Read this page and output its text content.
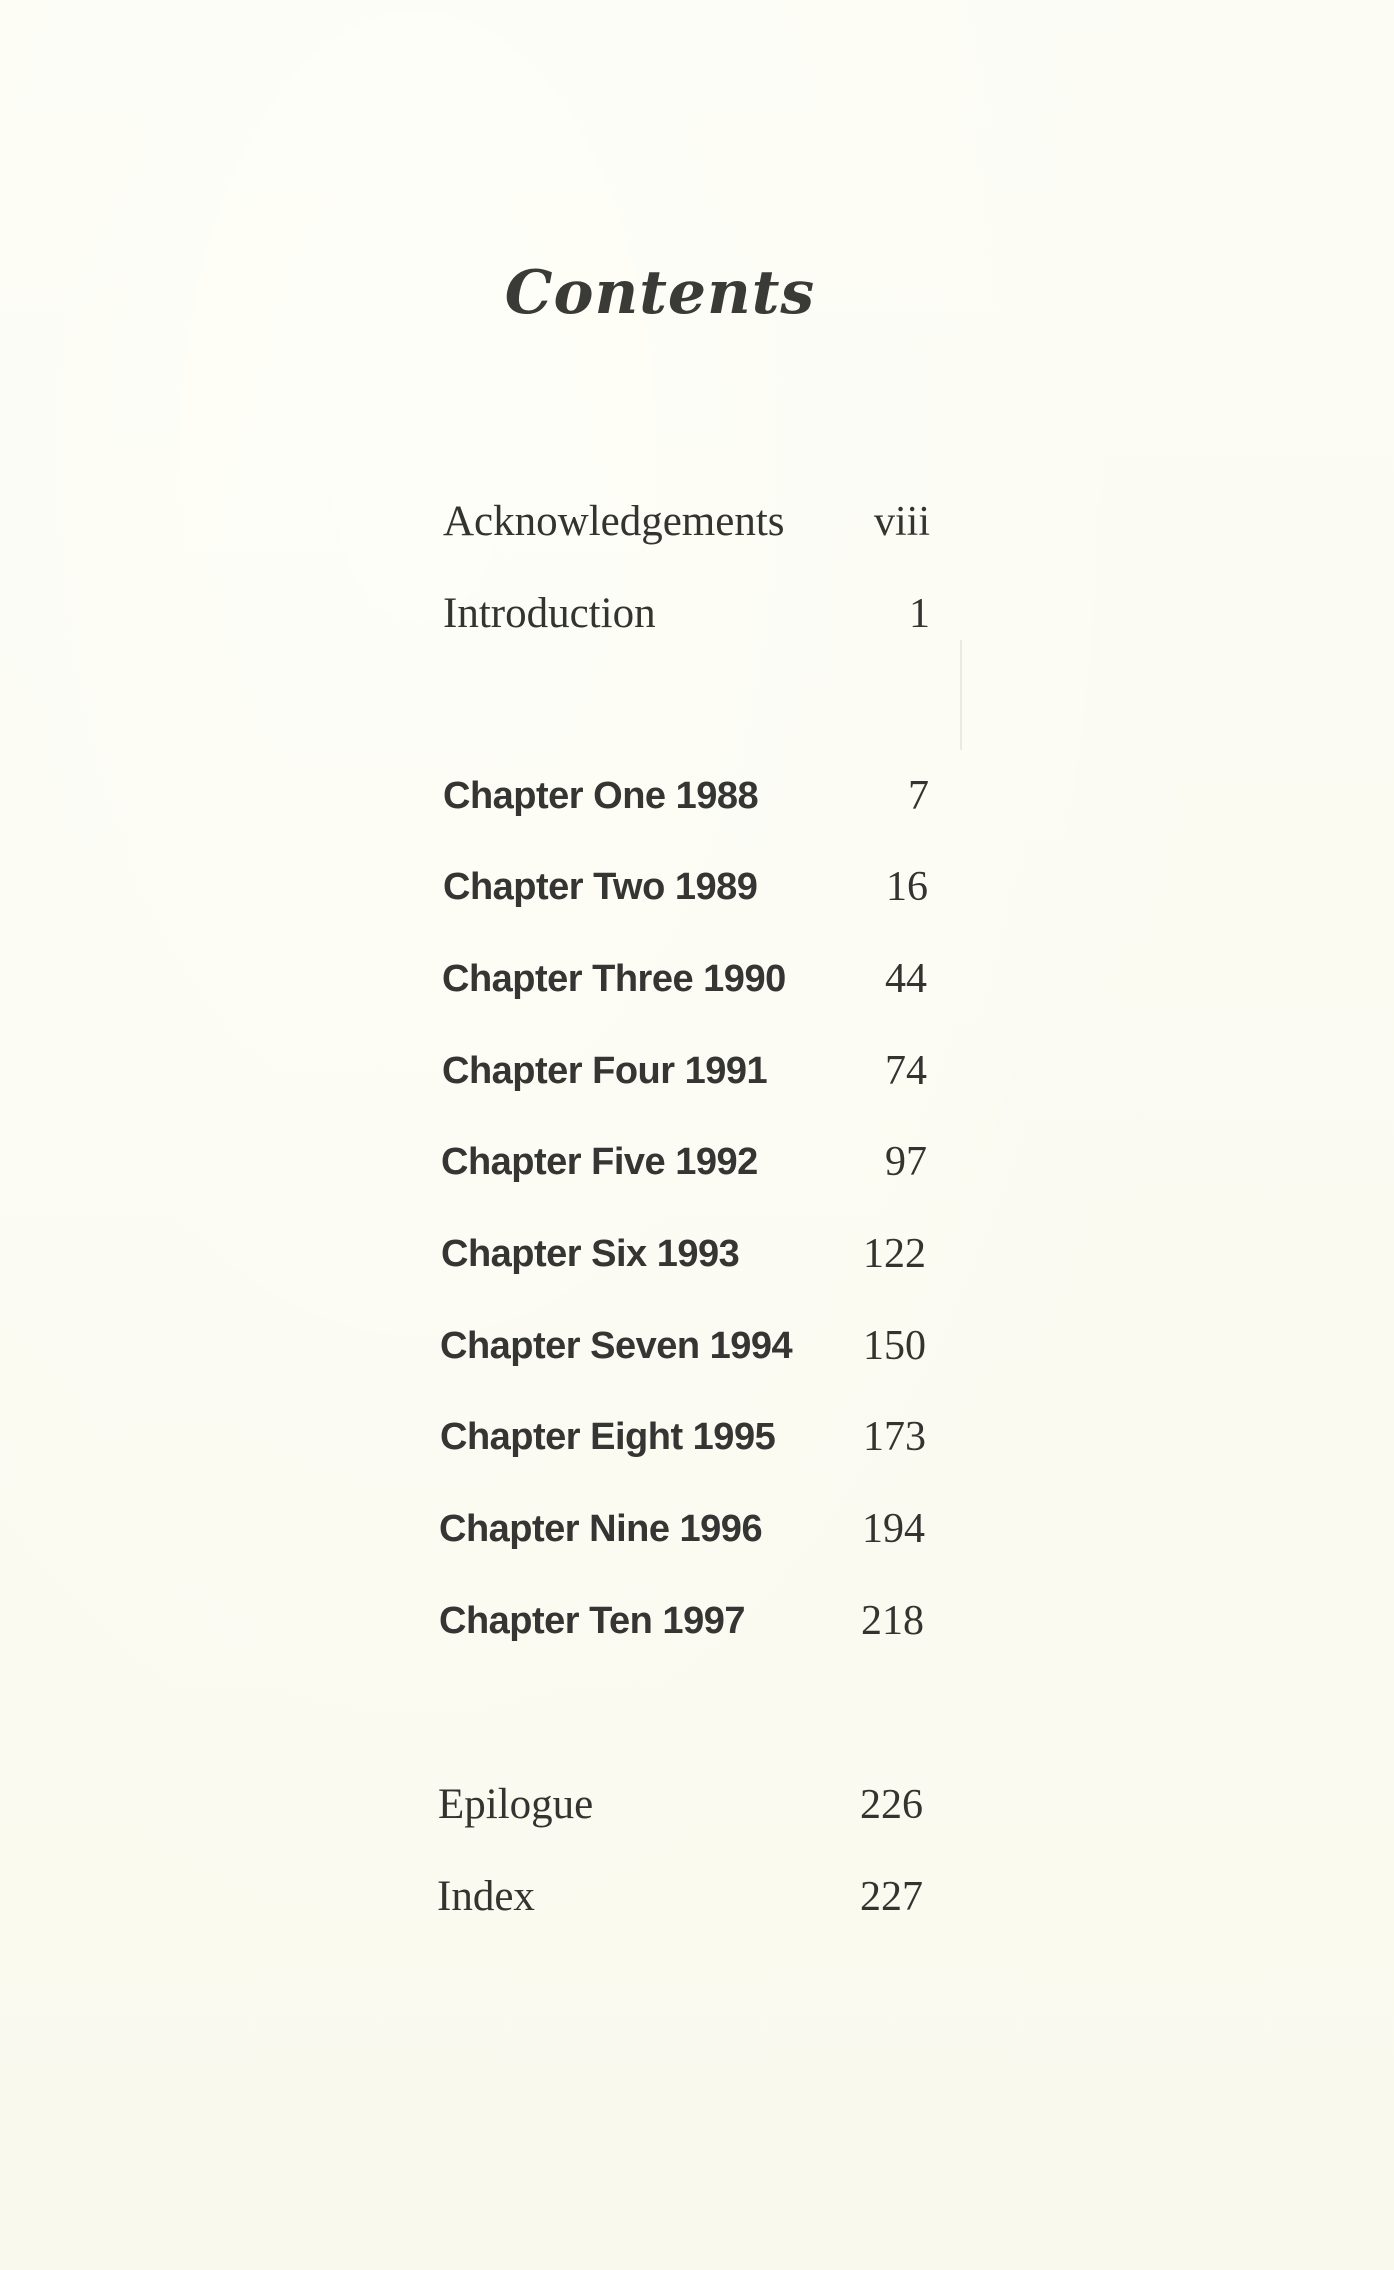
Contents
Acknowledgements viii
Introduction	1
Chapter One 1988	7
Chapter Two 1989	16
Chapter Three 1990 44
Chapter Four 1991	74
Chapter Five 1992	97
Chapter Six 1993	122
Chapter Seven 1994 150
Chapter Eight 1995 173
Chapter Nine 1996 194
Chapter Ten 1997	218
Epilogue	226
Index	227
